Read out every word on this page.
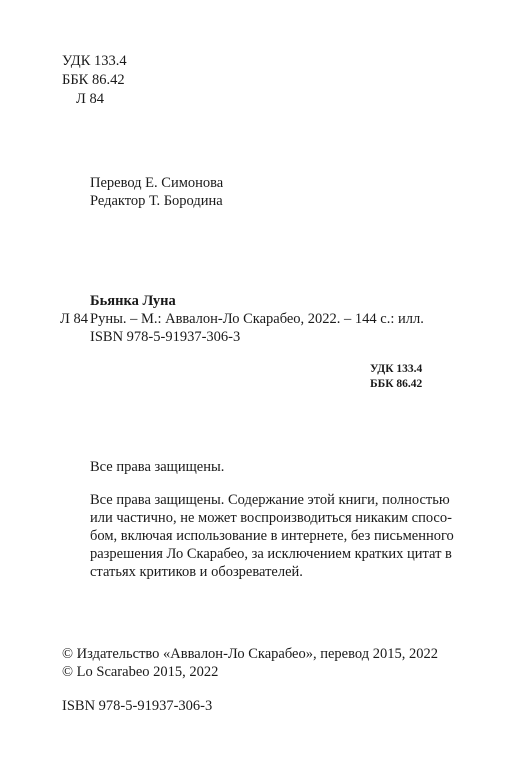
УДК 133.4
ББК 86.42
Л 84
Перевод Е. Симонова
Редактор Т. Бородина
Бьянка Луна
Л 84 Руны. – М.: Аввалон-Ло Скарабео, 2022. – 144 с.: илл.
ISBN 978-5-91937-306-3
УДК 133.4
ББК 86.42
Все права защищены.
Все права защищены. Содержание этой книги, полностью
или частично, не может воспроизводиться никаким спосо-
бом, включая использование в интернете, без письменного
разрешения Ло Скарабео, за исключением кратких цитат в
статьях критиков и обозревателей.
© Издательство «Аввалон-Ло Скарабео», перевод 2015, 2022
© Lo Scarabeo 2015, 2022
ISBN 978-5-91937-306-3
